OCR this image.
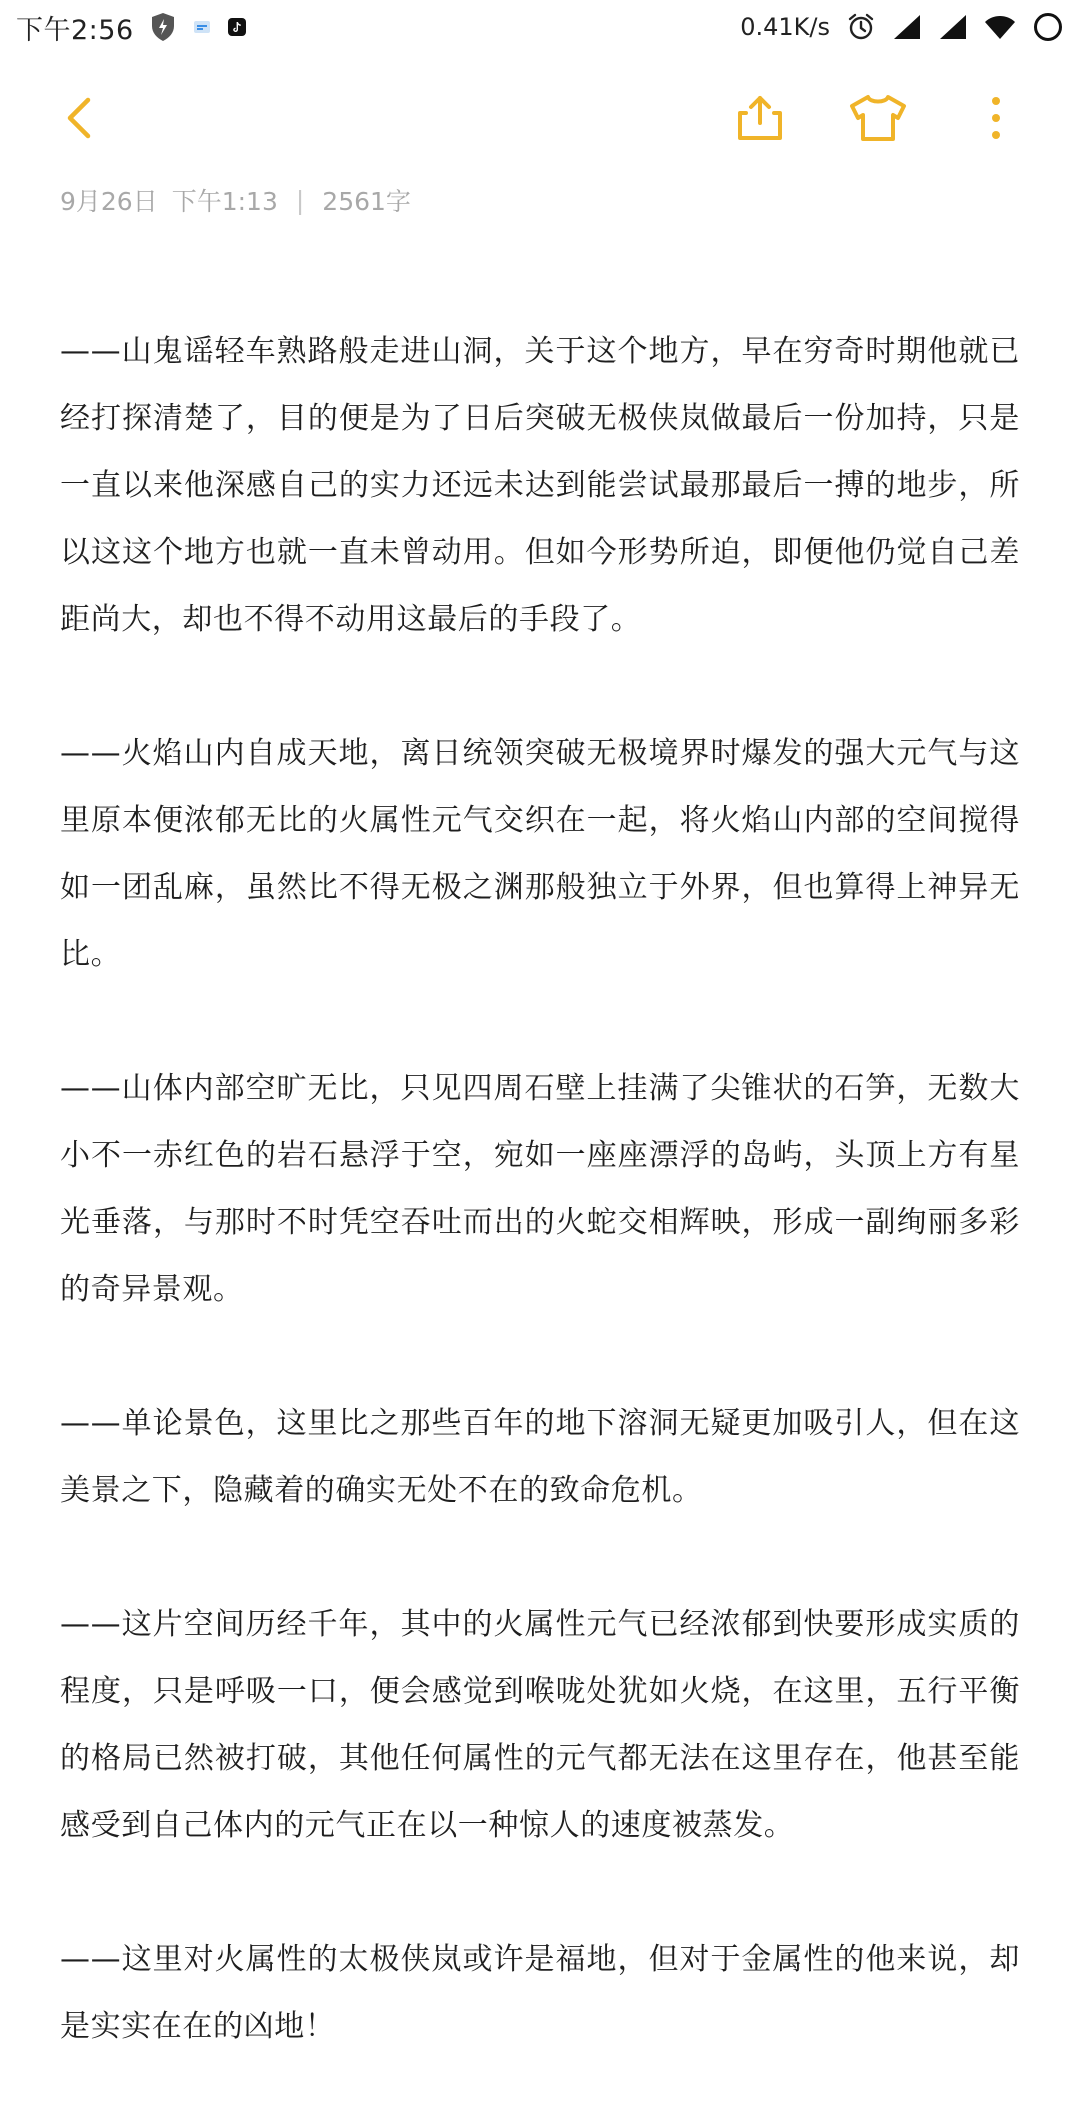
下午2:56	0.41K/s
9月26日 下午1:13 | 2561字

——山鬼谣轻车熟路般走进山洞，关于这个地方，早在穷奇时期他就已经打探清楚了，目的便是为了日后突破无极侠岚做最后一份加持，只是一直以来他深感自己的实力还远未达到能尝试最那最后一搏的地步，所以这这个地方也就一直未曾动用。但如今形势所迫，即便他仍觉自己差距尚大，却也不得不动用这最后的手段了。

——火焰山内自成天地，离日统领突破无极境界时爆发的强大元气与这里原本便浓郁无比的火属性元气交织在一起，将火焰山内部的空间搅得如一团乱麻，虽然比不得无极之渊那般独立于外界，但也算得上神异无比。

——山体内部空旷无比，只见四周石壁上挂满了尖锥状的石笋，无数大小不一赤红色的岩石悬浮于空，宛如一座座漂浮的岛屿，头顶上方有星光垂落，与那时不时凭空吞吐而出的火蛇交相辉映，形成一副绚丽多彩的奇异景观。

——单论景色，这里比之那些百年的地下溶洞无疑更加吸引人，但在这美景之下，隐藏着的确实无处不在的致命危机。

——这片空间历经千年，其中的火属性元气已经浓郁到快要形成实质的程度，只是呼吸一口，便会感觉到喉咙处犹如火烧，在这里，五行平衡的格局已然被打破，其他任何属性的元气都无法在这里存在，他甚至能感受到自己体内的元气正在以一种惊人的速度被蒸发。

——这里对火属性的太极侠岚或许是福地，但对于金属性的他来说，却是实实在在的凶地！
